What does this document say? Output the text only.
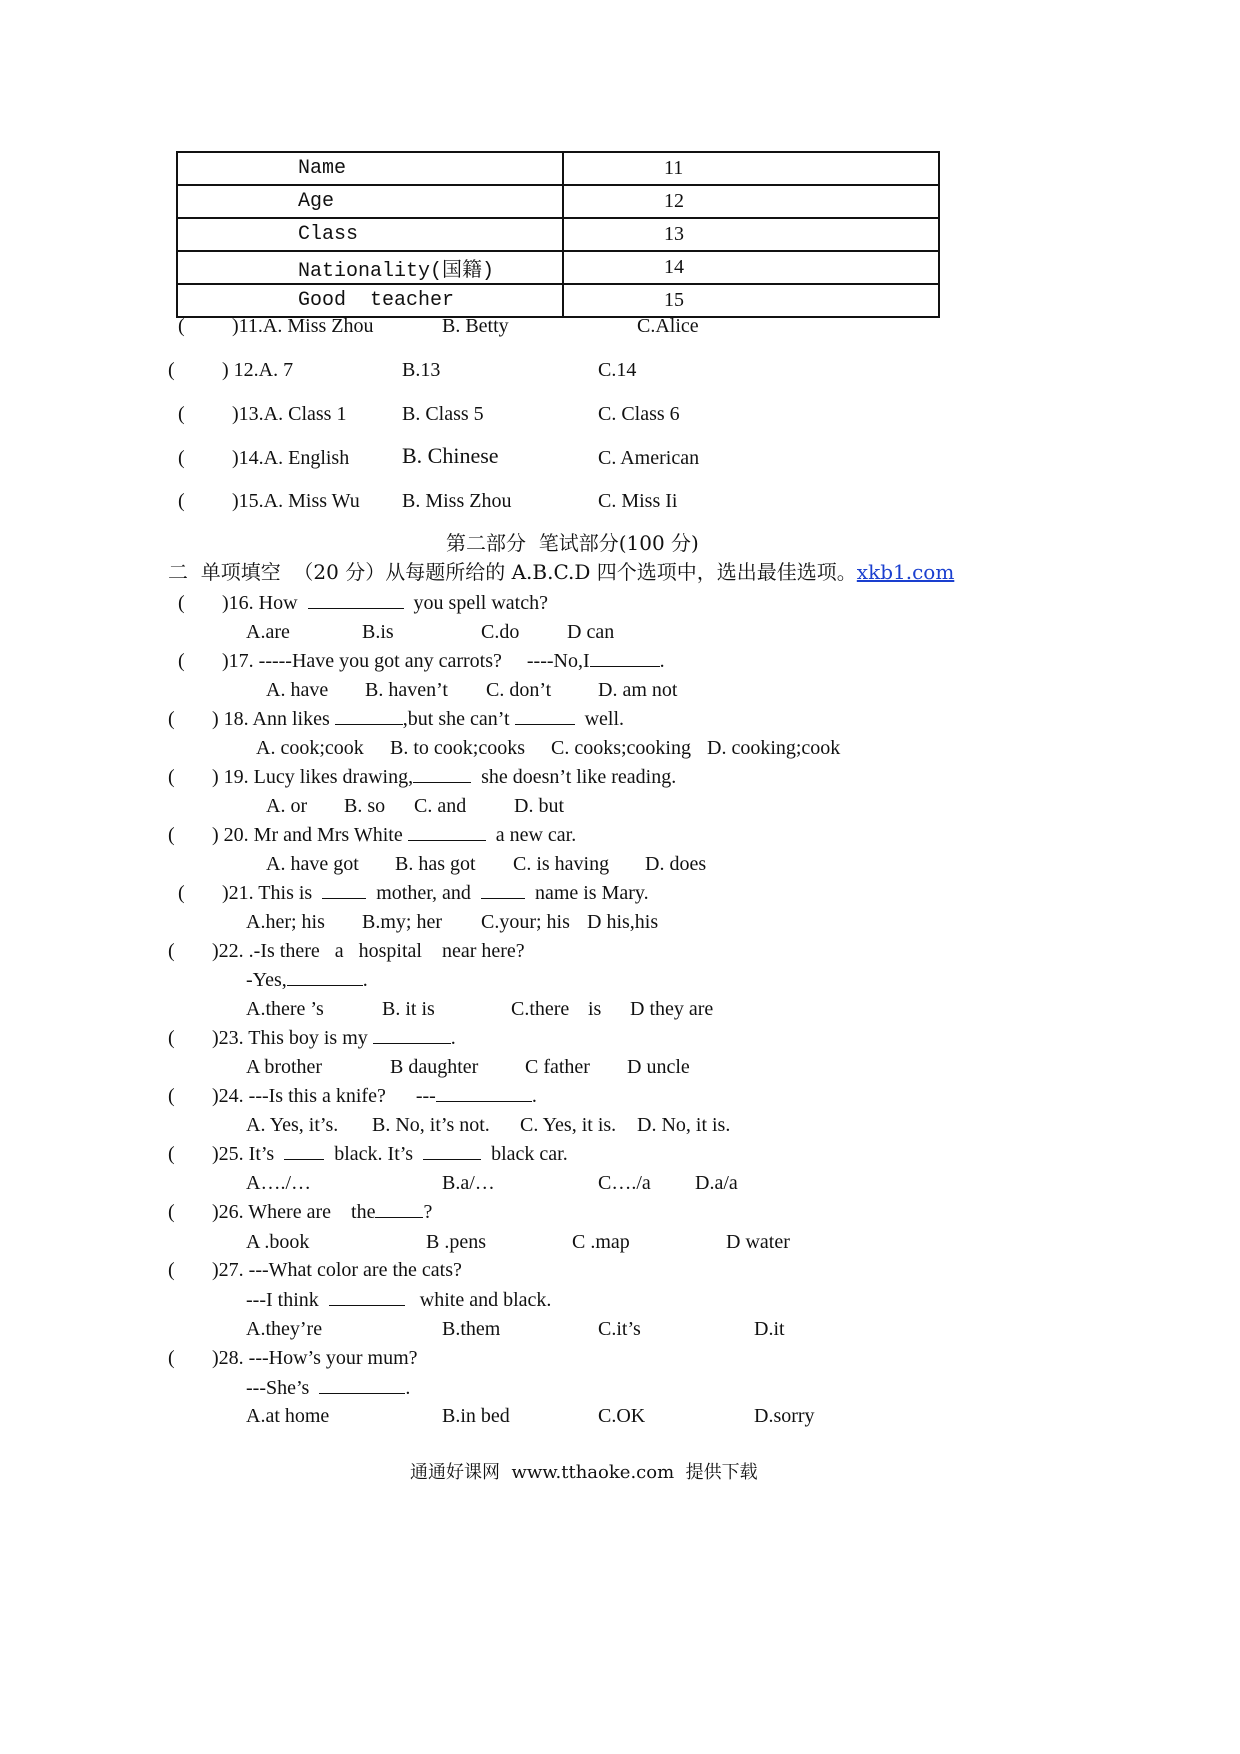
Name	11
Age	12
Class	13
Nationality(国籍)	14
Good  teacher	15
( )11.A. Miss Zhou	B. Betty	C.Alice
( ) 12.A. 7	B.13	C.14
( )13.A. Class 1	B. Class 5	C. Class 6
( )14.A. English B. Chinese	C. American
( )15.A. Miss Wu B. Miss Zhou	C. Miss Ii
第二部分  笔试部分(100 分)
二  单项填空  （20 分）从每题所给的 A.B.C.D 四个选项中，选出最佳选项。xkb1.com
( )16. How	you spell watch?
A.are	B.is	C.do D can
( )17. -----Have you got any carrots? ----No,I	.
A. have B. haven’t C. don’t D. am not
( ) 18. Ann likes	,but she can’t	well.
A. cook;cook B. to cook;cooks C. cooks;cooking D. cooking;cook
( ) 19. Lucy likes drawing,	she doesn’t like reading.
A. or B. so C. and D. but
( ) 20. Mr and Mrs White	a new car.
A. have got B. has got C. is having D. does
( )21. This is	mother, and	name is Mary.
A.her; his B.my; her C.your; his D his,his
( )22. .-Is there a hospital near here?
-Yes,	.
A.there ’s	B. it is	C.there is D they are
( )23. This boy is my	.
A brother	B daughter C father D uncle
( )24. ---Is this a knife? ---	.
A. Yes, it’s. B. No, it’s not. C. Yes, it is. D. No, it is.
( )25. It’s	black. It’s	black car.
A…./…	B.a/…	C…./a D.a/a
( )26. Where are the ?
A .book	B .pens	C .map	D water
( )27. ---What color are the cats?
---I think	white and black.
A.they’re	B.them	C.it’s	D.it
( )28. ---How’s your mum?
---She’s	.
A.at home	B.in bed	C.OK	D.sorry
通通好课网  www.tthaoke.com  提供下载
